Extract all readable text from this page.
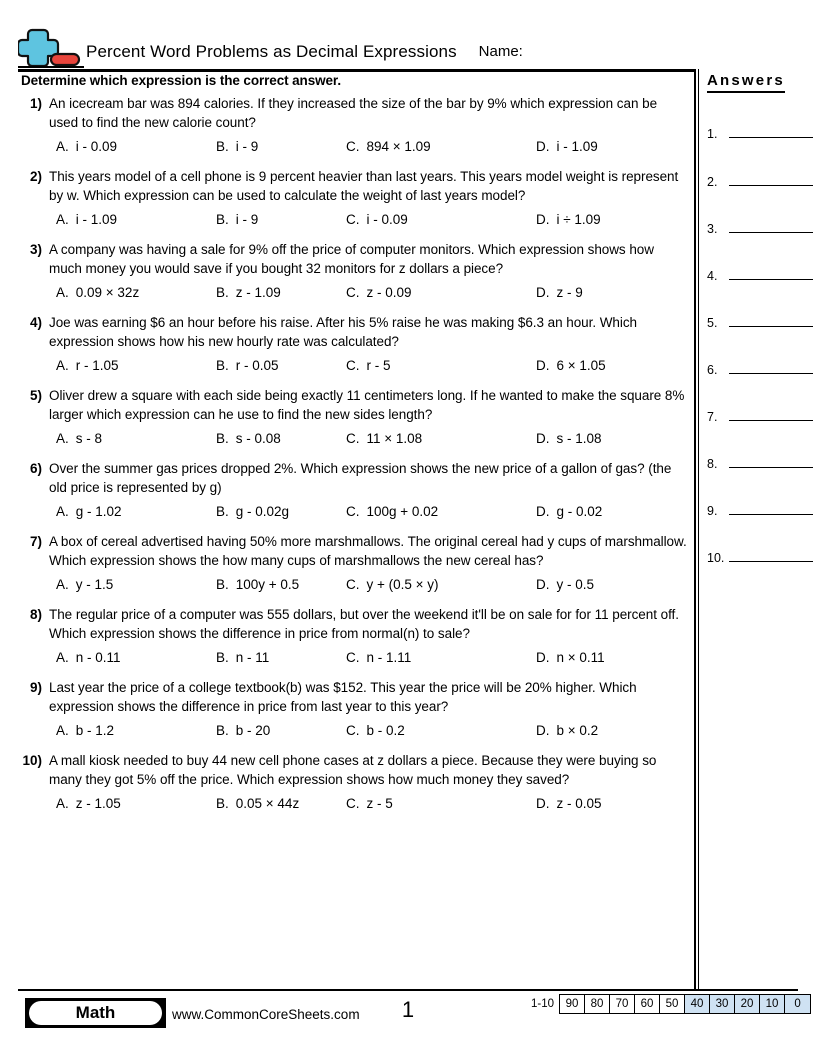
Percent Word Problems as Decimal Expressions Name:
Determine which expression is the correct answer.
1) An icecream bar was 894 calories. If they increased the size of the bar by 9% which expression can be used to find the new calorie count?
A. i - 0.09	B. i - 9	C. 894 × 1.09	D. i - 1.09
2) This years model of a cell phone is 9 percent heavier than last years. This years model weight is represent by w. Which expression can be used to calculate the weight of last years model?
A. i - 1.09	B. i - 9	C. i - 0.09	D. i ÷ 1.09
3) A company was having a sale for 9% off the price of computer monitors. Which expression shows how much money you would save if you bought 32 monitors for z dollars a piece?
A. 0.09 × 32z	B. z - 1.09	C. z - 0.09	D. z - 9
4) Joe was earning $6 an hour before his raise. After his 5% raise he was making $6.3 an hour. Which expression shows how his new hourly rate was calculated?
A. r - 1.05	B. r - 0.05	C. r - 5	D. 6 × 1.05
5) Oliver drew a square with each side being exactly 11 centimeters long. If he wanted to make the square 8% larger which expression can he use to find the new sides length?
A. s - 8	B. s - 0.08	C. 11 × 1.08	D. s - 1.08
6) Over the summer gas prices dropped 2%. Which expression shows the new price of a gallon of gas? (the old price is represented by g)
A. g - 1.02	B. g - 0.02g	C. 100g + 0.02	D. g - 0.02
7) A box of cereal advertised having 50% more marshmallows. The original cereal had y cups of marshmallow. Which expression shows the how many cups of marshmallows the new cereal has?
A. y - 1.5	B. 100y + 0.5	C. y + (0.5 × y)	D. y - 0.5
8) The regular price of a computer was 555 dollars, but over the weekend it'll be on sale for for 11 percent off. Which expression shows the difference in price from normal(n) to sale?
A. n - 0.11	B. n - 11	C. n - 1.11	D. n × 0.11
9) Last year the price of a college textbook(b) was $152. This year the price will be 20% higher. Which expression shows the difference in price from last year to this year?
A. b - 1.2	B. b - 20	C. b - 0.2	D. b × 0.2
10) A mall kiosk needed to buy 44 new cell phone cases at z dollars a piece. Because they were buying so many they got 5% off the price. Which expression shows how much money they saved?
A. z - 1.05	B. 0.05 × 44z	C. z - 5	D. z - 0.05
Answers
1.
2.
3.
4.
5.
6.
7.
8.
9.
10.
Math	www.CommonCoreSheets.com	1	1-10	90	80	70	60	50	40	30	20	10	0
